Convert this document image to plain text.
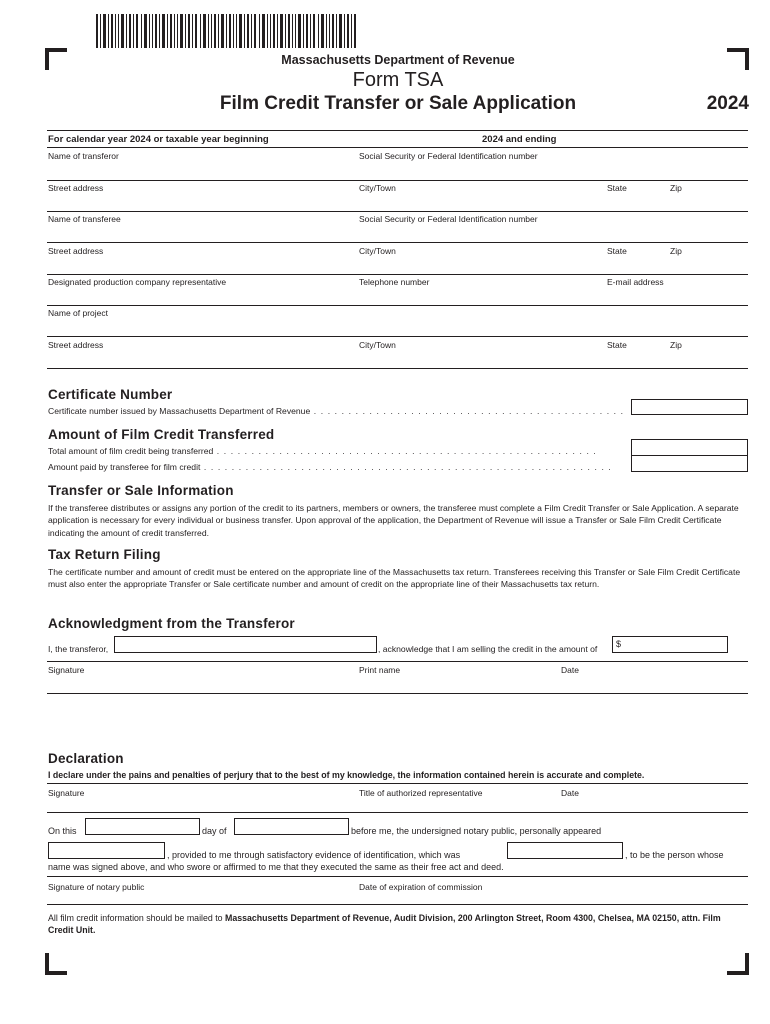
Massachusetts Department of Revenue
Form TSA
Film Credit Transfer or Sale Application	2024
For calendar year 2024 or taxable year beginning	2024 and ending
Name of transferor	Social Security or Federal Identification number
Street address	City/Town	State	Zip
Name of transferee	Social Security or Federal Identification number
Street address	City/Town	State	Zip
Designated production company representative	Telephone number	E-mail address
Name of project
Street address	City/Town	State	Zip
Certificate Number
Certificate number issued by Massachusetts Department of Revenue . . . . . . . . . . . . . . . . . . . . . . . . . . . . . . . . . . . . . . . . . . . . .
Amount of Film Credit Transferred
Total amount of film credit being transferred . . . . . . . . . . . . . . . . . . . . . . . . . . . . . . . . . . . . . . . . . . . . . . . . . . . . . . .
Amount paid by transferee for film credit . . . . . . . . . . . . . . . . . . . . . . . . . . . . . . . . . . . . . . . . . . . . . . . . . . . . . . . . . . .
Transfer or Sale Information
If the transferee distributes or assigns any portion of the credit to its partners, members or owners, the transferee must complete a Film Credit Transfer or Sale Application. A separate application is necessary for every individual or business transfer. Upon approval of the application, the Department of Revenue will issue a Transfer or Sale Film Credit Certificate indicating the amount of credit transferred.
Tax Return Filing
The certificate number and amount of credit must be entered on the appropriate line of the Massachusetts tax return. Transferees receiving this Transfer or Sale Film Credit Certificate must also enter the appropriate Transfer or Sale certificate number and amount of credit on the appropriate line of their Massachusetts tax return.
Acknowledgment from the Transferor
I, the transferor,	, acknowledge that I am selling the credit in the amount of $
Signature	Print name	Date
Declaration
I declare under the pains and penalties of perjury that to the best of my knowledge, the information contained herein is accurate and complete.
Signature	Title of authorized representative	Date
On this	day of	before me, the undersigned notary public, personally appeared
, provided to me through satisfactory evidence of identification, which was	, to be the person whose
name was signed above, and who swore or affirmed to me that they executed the same as their free act and deed.
Signature of notary public	Date of expiration of commission
All film credit information should be mailed to Massachusetts Department of Revenue, Audit Division, 200 Arlington Street, Room 4300, Chelsea, MA 02150, attn. Film Credit Unit.
